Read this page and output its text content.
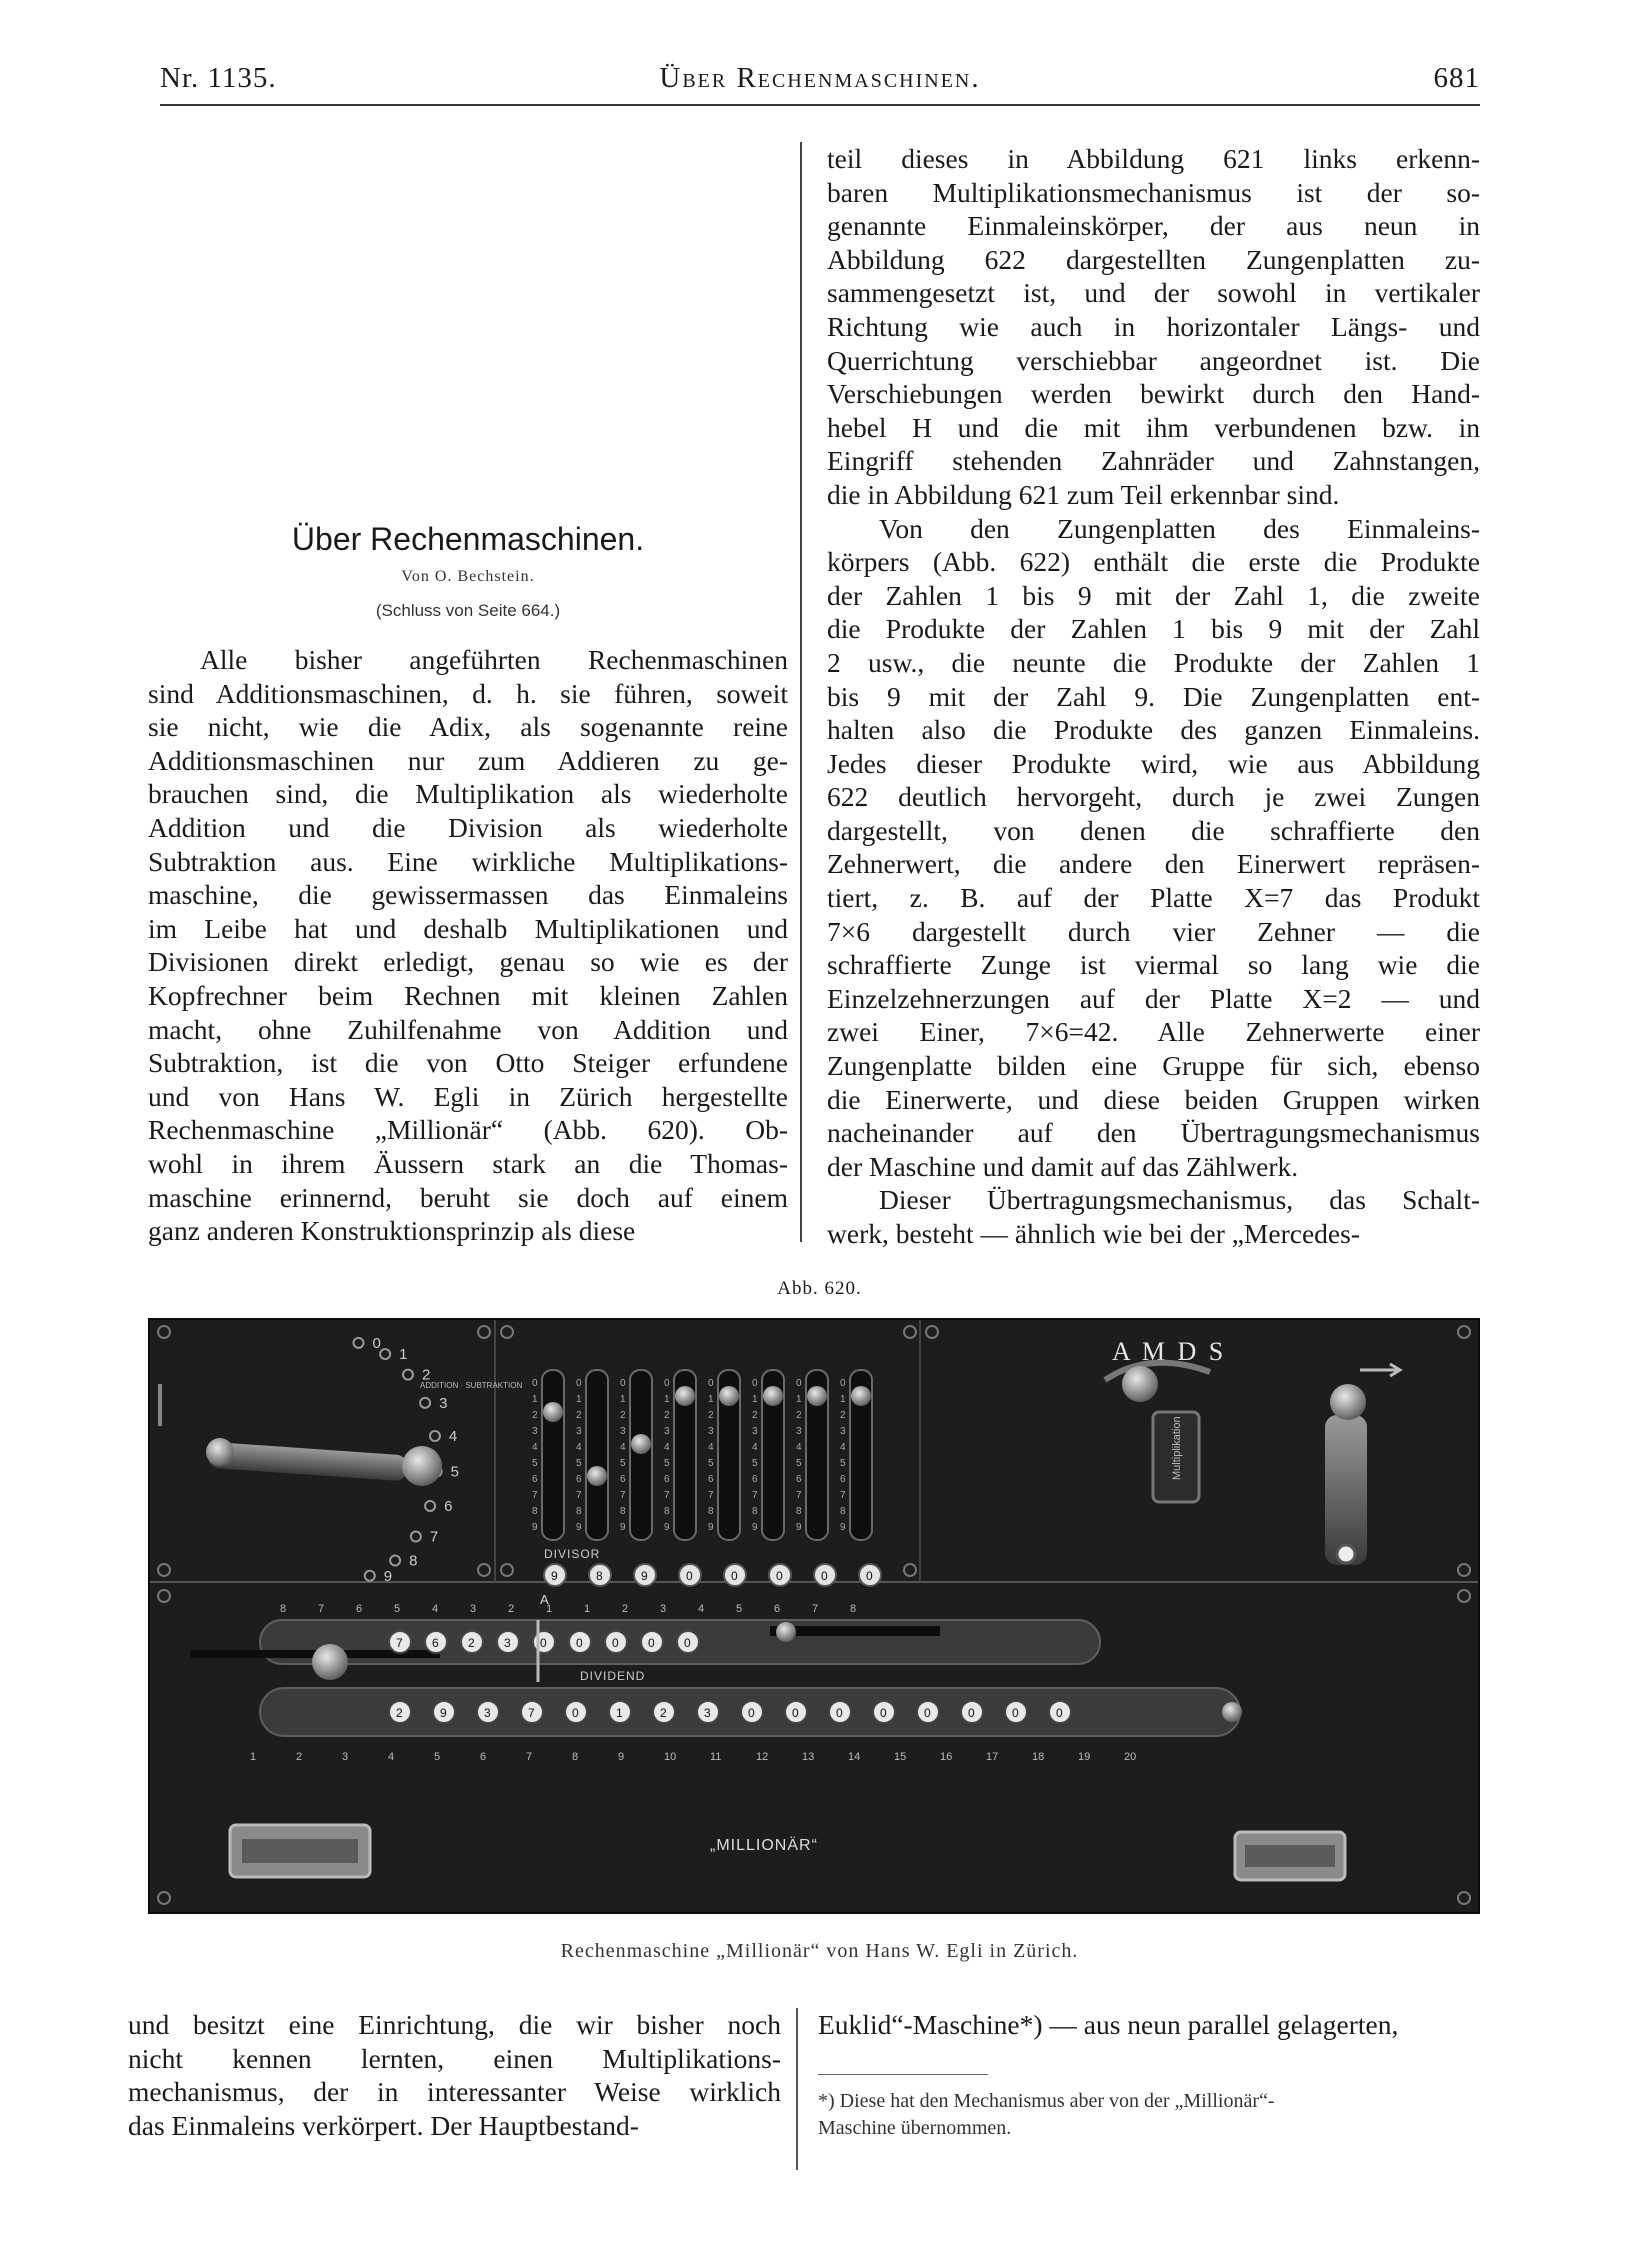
Nr. 1135.	Über Rechenmaschinen.	681
Über Rechenmaschinen.
Von O. Bechstein.
(Schluss von Seite 664.)
Alle bisher angeführten Rechenmaschinen
sind Additionsmaschinen, d. h. sie führen, soweit
sie nicht, wie die Adix, als sogenannte reine
Additionsmaschinen nur zum Addieren zu ge-
brauchen sind, die Multiplikation als wiederholte
Addition und die Division als wiederholte
Subtraktion aus. Eine wirkliche Multiplikations-
maschine, die gewissermassen das Einmaleins
im Leibe hat und deshalb Multiplikationen und
Divisionen direkt erledigt, genau so wie es der
Kopfrechner beim Rechnen mit kleinen Zahlen
macht, ohne Zuhilfenahme von Addition und
Subtraktion, ist die von Otto Steiger erfundene
und von Hans W. Egli in Zürich hergestellte
Rechenmaschine „Millionär“ (Abb. 620). Ob-
wohl in ihrem Äussern stark an die Thomas-
maschine erinnernd, beruht sie doch auf einem
ganz anderen Konstruktionsprinzip als diese
teil dieses in Abbildung 621 links erkenn-
baren Multiplikationsmechanismus ist der so-
genannte Einmaleinskörper, der aus neun in
Abbildung 622 dargestellten Zungenplatten zu-
sammengesetzt ist, und der sowohl in vertikaler
Richtung wie auch in horizontaler Längs- und
Querrichtung verschiebbar angeordnet ist. Die
Verschiebungen werden bewirkt durch den Hand-
hebel H und die mit ihm verbundenen bzw. in
Eingriff stehenden Zahnräder und Zahnstangen,
die in Abbildung 621 zum Teil erkennbar sind.
Von den Zungenplatten des Einmaleins-
körpers (Abb. 622) enthält die erste die Produkte
der Zahlen 1 bis 9 mit der Zahl 1, die zweite
die Produkte der Zahlen 1 bis 9 mit der Zahl
2 usw., die neunte die Produkte der Zahlen 1
bis 9 mit der Zahl 9. Die Zungenplatten ent-
halten also die Produkte des ganzen Einmaleins.
Jedes dieser Produkte wird, wie aus Abbildung
622 deutlich hervorgeht, durch je zwei Zungen
dargestellt, von denen die schraffierte den
Zehnerwert, die andere den Einerwert repräsen-
tiert, z. B. auf der Platte X=7 das Produkt
7×6 dargestellt durch vier Zehner — die
schraffierte Zunge ist viermal so lang wie die
Einzelzehnerzungen auf der Platte X=2 — und
zwei Einer, 7×6=42. Alle Zehnerwerte einer
Zungenplatte bilden eine Gruppe für sich, ebenso
die Einerwerte, und diese beiden Gruppen wirken
nacheinander auf den Übertragungsmechanismus
der Maschine und damit auf das Zählwerk.
Dieser Übertragungsmechanismus, das Schalt-
werk, besteht — ähnlich wie bei der „Mercedes-
Abb. 620.
0
1
2
3
4
5
6
7
8
9
ADDITION · SUBTRAKTION 0
1
2
3
4
5
6
7
8
9
0
1
2
3
4
5
6
7
8
9
0
1
2
3
4
5
6
7
8
9
0
1
2
3
4
5
6
7
8
9
0
1
2
3
4
5
6
7
8
9
0
1
2
3
4
5
6
7
8
9
0
1
2
3
4
5
6
7
8
9
0
1
2
3
4
5
6
7
8
9
DIVISOR
9	8	9	0	0	0	0	0
A M D S
Multiplikation
8	7	6	5	4	3	2	1	1	2	3	4	5	6	7	8
7 6 2 3 0 0 0 0 0
A
DIVIDEND
2	9	3	7	0	1	2	3	0	0	0	0	0	0	0	0
1	2	3	4	5	6	7	8	9	10	11	12	13	14	15	16	17	18	19	20
„MILLIONÄR“
Rechenmaschine „Millionär“ von Hans W. Egli in Zürich.
und besitzt eine Einrichtung, die wir bisher noch
nicht kennen lernten, einen Multiplikations-
mechanismus, der in interessanter Weise wirklich
das Einmaleins verkörpert. Der Hauptbestand-
Euklid“-Maschine*) — aus neun parallel gelagerten,
*) Diese hat den Mechanismus aber von der „Millionär“-
Maschine übernommen.
